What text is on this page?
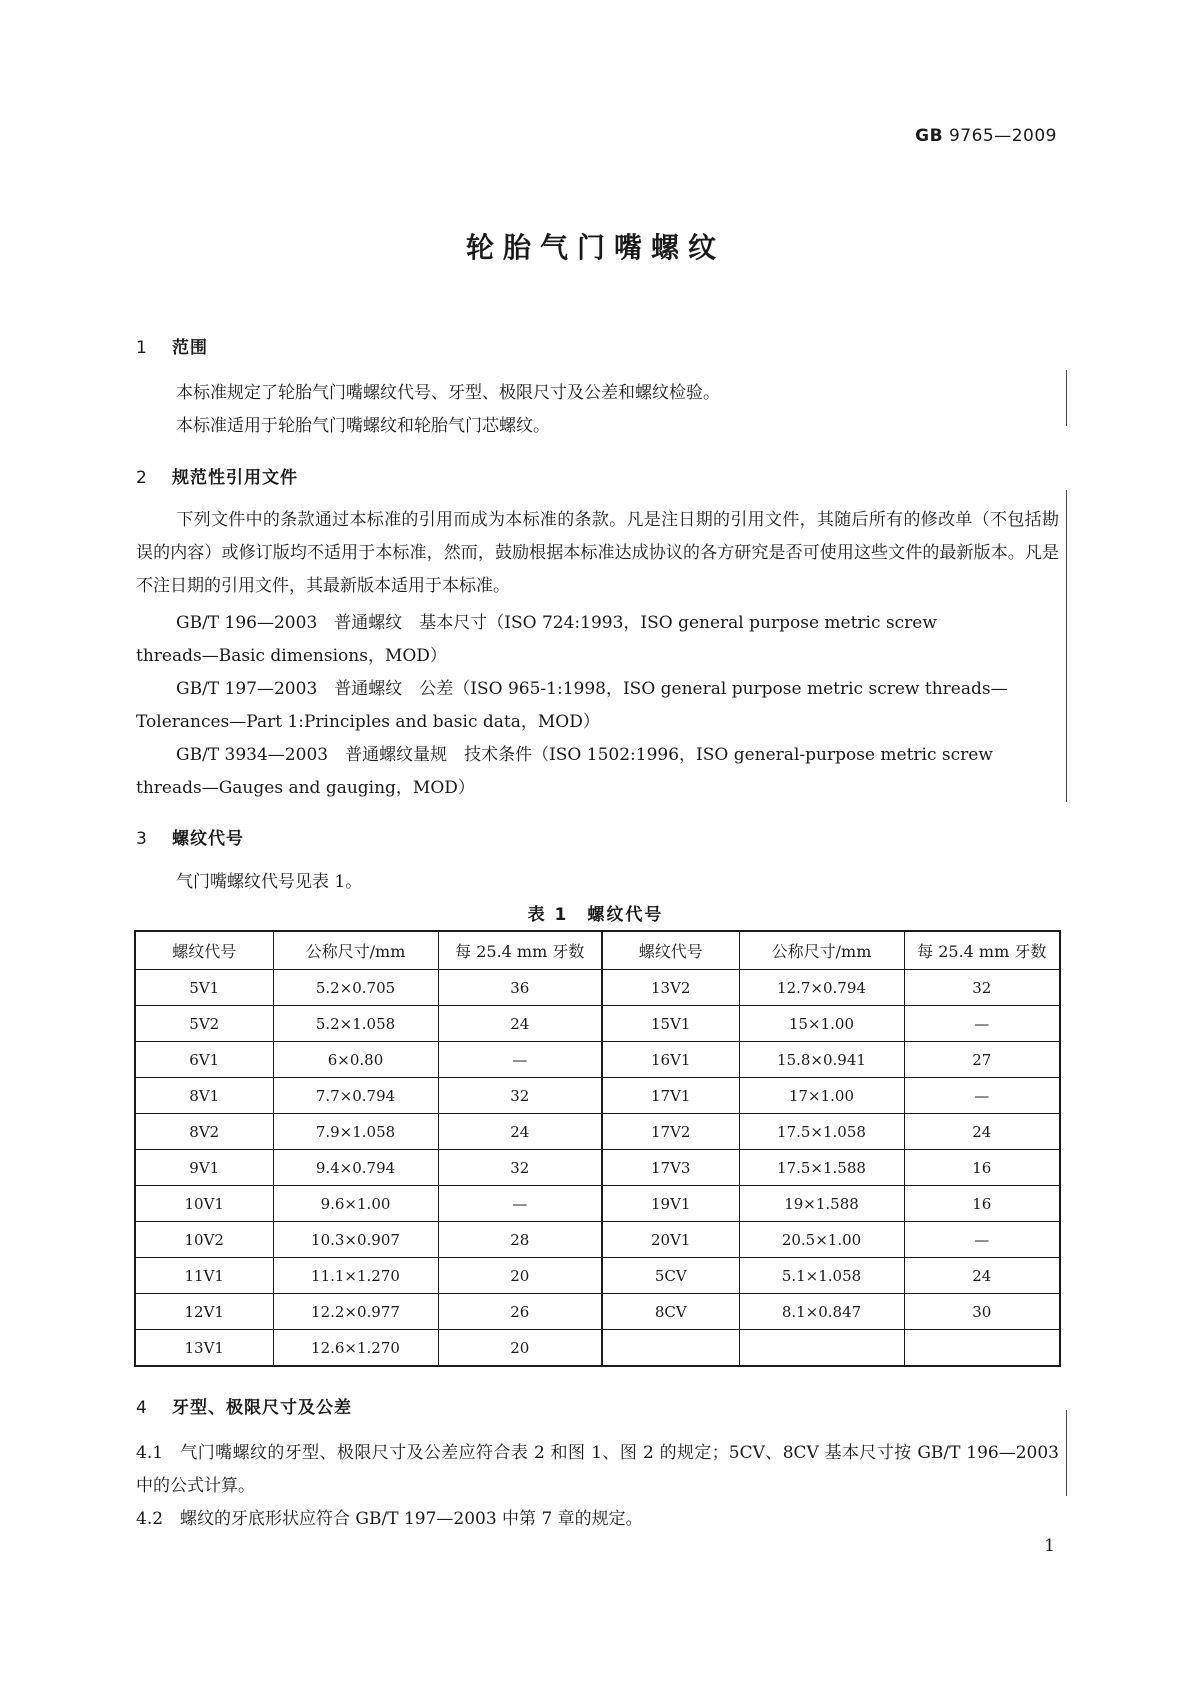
GB 9765—2009
轮胎气门嘴螺纹
1 范围
本标准规定了轮胎气门嘴螺纹代号、牙型、极限尺寸及公差和螺纹检验。
本标准适用于轮胎气门嘴螺纹和轮胎气门芯螺纹。
2 规范性引用文件
下列文件中的条款通过本标准的引用而成为本标准的条款。凡是注日期的引用文件，其随后所有的修改单（不包括勘误的内容）或修订版均不适用于本标准，然而，鼓励根据本标准达成协议的各方研究是否可使用这些文件的最新版本。凡是不注日期的引用文件，其最新版本适用于本标准。
GB/T 196—2003　普通螺纹　基本尺寸（ISO 724:1993，ISO general purpose metric screw
threads—Basic dimensions，MOD）
GB/T 197—2003　普通螺纹　公差（ISO 965-1:1998，ISO general purpose metric screw threads—
Tolerances—Part 1:Principles and basic data，MOD）
GB/T 3934—2003　普通螺纹量规　技术条件（ISO 1502:1996，ISO general-purpose metric screw
threads—Gauges and gauging，MOD）
3 螺纹代号
气门嘴螺纹代号见表 1。
表 1　螺纹代号
螺纹代号	公称尺寸/mm	每 25.4 mm 牙数	螺纹代号	公称尺寸/mm	每 25.4 mm 牙数
5V1	5.2×0.705	36	13V2	12.7×0.794	32
5V2	5.2×1.058	24	15V1	15×1.00	—
6V1	6×0.80	—	16V1	15.8×0.941	27
8V1	7.7×0.794	32	17V1	17×1.00	—
8V2	7.9×1.058	24	17V2	17.5×1.058	24
9V1	9.4×0.794	32	17V3	17.5×1.588	16
10V1	9.6×1.00	—	19V1	19×1.588	16
10V2	10.3×0.907	28	20V1	20.5×1.00	—
11V1	11.1×1.270	20	5CV	5.1×1.058	24
12V1	12.2×0.977	26	8CV	8.1×0.847	30
13V1	12.6×1.270	20			
4 牙型、极限尺寸及公差
4.1 气门嘴螺纹的牙型、极限尺寸及公差应符合表 2 和图 1、图 2 的规定；5CV、8CV 基本尺寸按 GB/T 196—2003 中的公式计算。
4.2 螺纹的牙底形状应符合 GB/T 197—2003 中第 7 章的规定。
1
